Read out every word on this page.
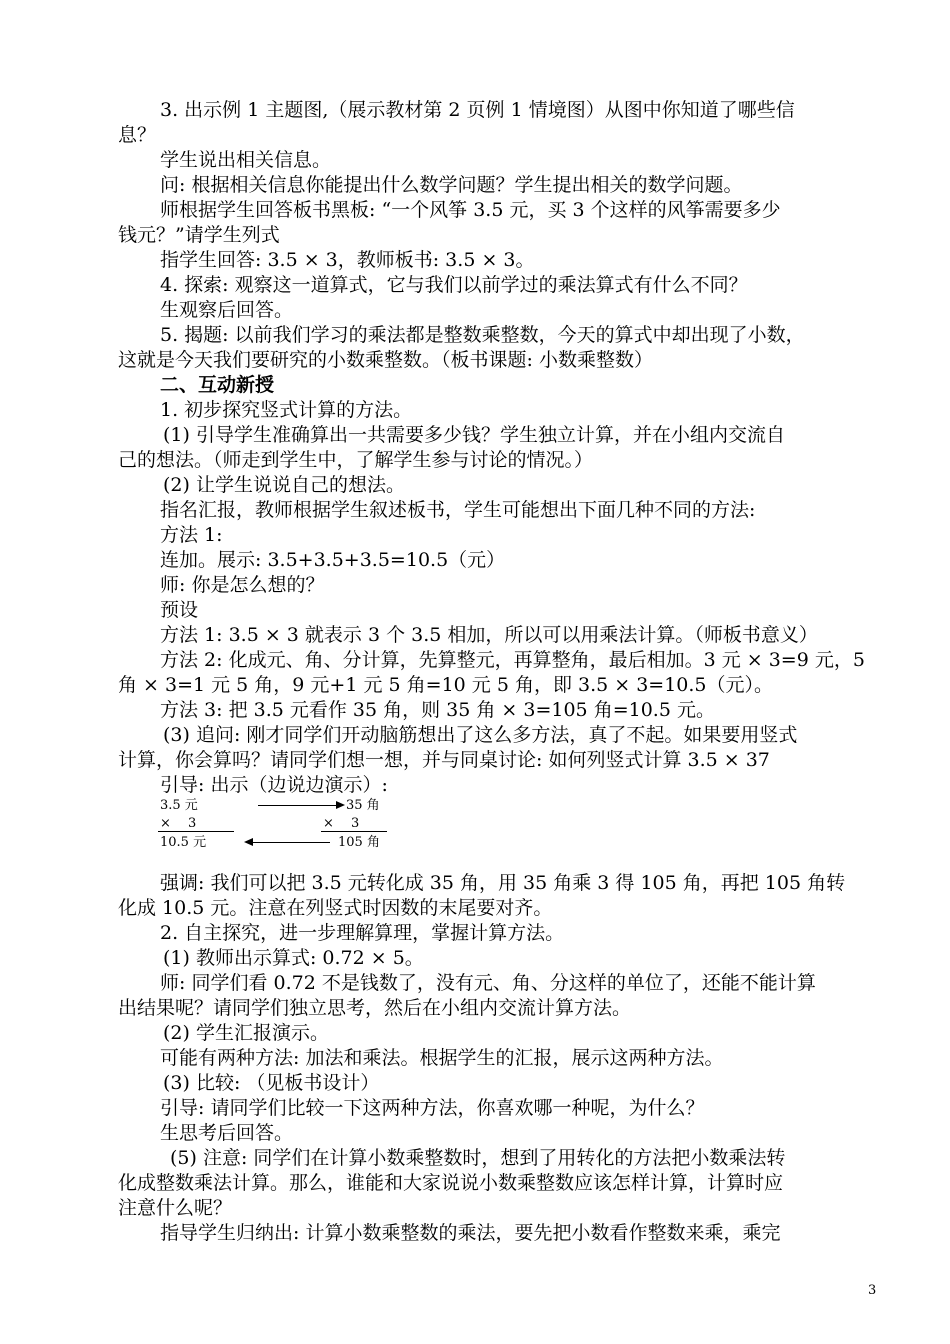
3. 出示例 1 主题图,（展示教材第 2 页例 1 情境图）从图中你知道了哪些信
息？
学生说出相关信息。
问: 根据相关信息你能提出什么数学问题？学生提出相关的数学问题。
师根据学生回答板书黑板: “一个风筝 3.5 元，买 3 个这样的风筝需要多少
钱元？”请学生列式
指学生回答: 3.5 × 3，教师板书: 3.5 × 3。
4. 探索: 观察这一道算式，它与我们以前学过的乘法算式有什么不同？
生观察后回答。
5. 揭题: 以前我们学习的乘法都是整数乘整数，今天的算式中却出现了小数，
这就是今天我们要研究的小数乘整数。（板书课题: 小数乘整数）
二、互动新授
1. 初步探究竖式计算的方法。
(1) 引导学生准确算出一共需要多少钱？学生独立计算，并在小组内交流自
己的想法。（师走到学生中，了解学生参与讨论的情况。）
(2) 让学生说说自己的想法。
指名汇报，教师根据学生叙述板书，学生可能想出下面几种不同的方法:
方法 1:
连加。展示: 3.5+3.5+3.5=10.5（元）
师: 你是怎么想的？
预设
方法 1: 3.5 × 3 就表示 3 个 3.5 相加，所以可以用乘法计算。（师板书意义）
方法 2: 化成元、角、分计算，先算整元，再算整角，最后相加。3 元 × 3=9 元，5
角 × 3=1 元 5 角，9 元+1 元 5 角=10 元 5 角，即 3.5 × 3=10.5（元）。
方法 3: 把 3.5 元看作 35 角，则 35 角 × 3=105 角=10.5 元。
(3) 追问: 刚才同学们开动脑筋想出了这么多方法，真了不起。如果要用竖式
计算，你会算吗？请同学们想一想，并与同桌讨论: 如何列竖式计算 3.5 × 37
引导: 出示（边说边演示）:
3.5 元
×　 3
10.5 元
35 角
×　 3
105 角
强调: 我们可以把 3.5 元转化成 35 角，用 35 角乘 3 得 105 角，再把 105 角转
化成 10.5 元。注意在列竖式时因数的末尾要对齐。
2. 自主探究，进一步理解算理，掌握计算方法。
(1) 教师出示算式: 0.72 × 5。
师: 同学们看 0.72 不是钱数了，没有元、角、分这样的单位了，还能不能计算
出结果呢？请同学们独立思考，然后在小组内交流计算方法。
(2) 学生汇报演示。
可能有两种方法: 加法和乘法。根据学生的汇报，展示这两种方法。
(3) 比较: （见板书设计）
引导: 请同学们比较一下这两种方法，你喜欢哪一种呢，为什么？
生思考后回答。
(5) 注意: 同学们在计算小数乘整数时，想到了用转化的方法把小数乘法转
化成整数乘法计算。那么，谁能和大家说说小数乘整数应该怎样计算，计算时应
注意什么呢？
指导学生归纳出: 计算小数乘整数的乘法，要先把小数看作整数来乘，乘完
3
